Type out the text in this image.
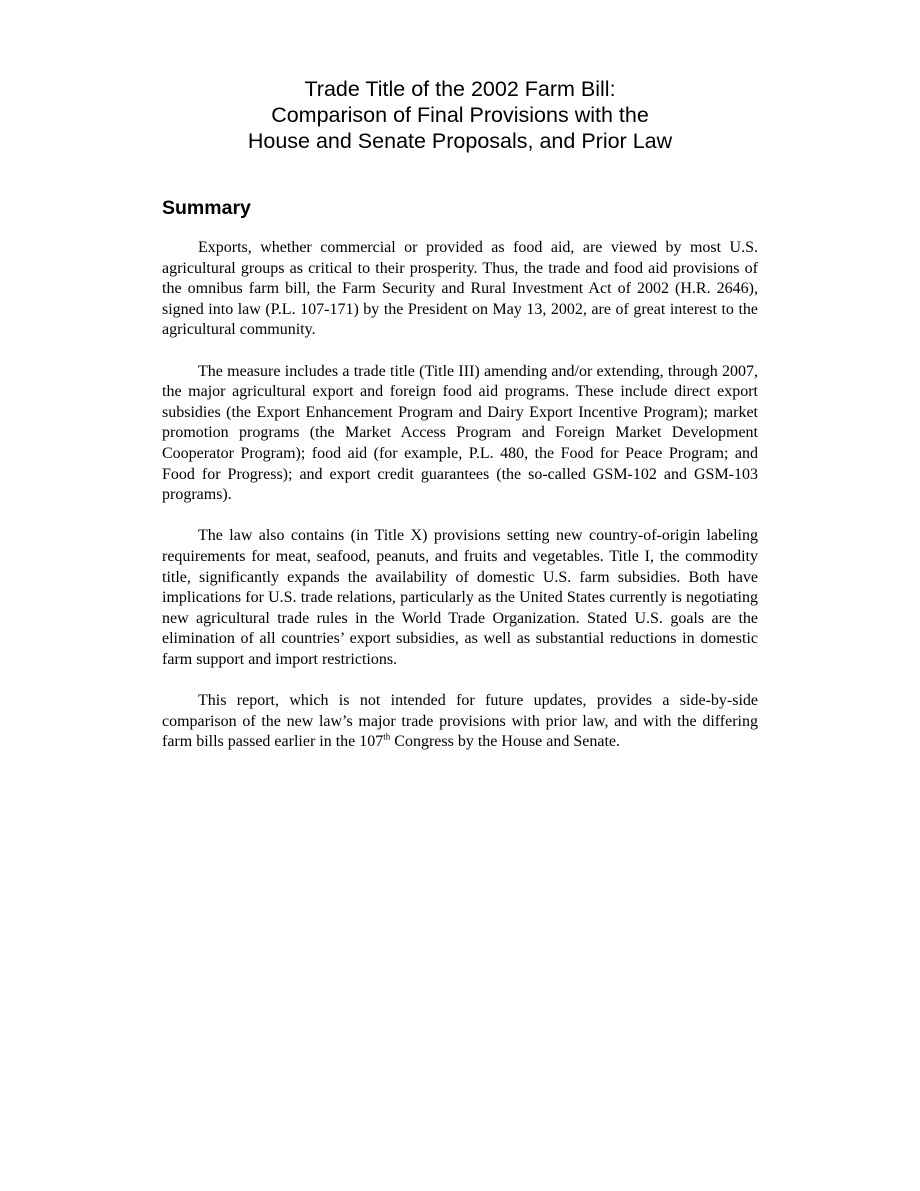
Trade Title of the 2002 Farm Bill:
Comparison of Final Provisions with the
House and Senate Proposals, and Prior Law
Summary

Exports, whether commercial or provided as food aid, are viewed by most U.S. agricultural groups as critical to their prosperity. Thus, the trade and food aid provisions of the omnibus farm bill, the Farm Security and Rural Investment Act of 2002 (H.R. 2646), signed into law (P.L. 107-171) by the President on May 13, 2002, are of great interest to the agricultural community.

The measure includes a trade title (Title III) amending and/or extending, through 2007, the major agricultural export and foreign food aid programs. These include direct export subsidies (the Export Enhancement Program and Dairy Export Incentive Program); market promotion programs (the Market Access Program and Foreign Market Development Cooperator Program); food aid (for example, P.L. 480, the Food for Peace Program; and Food for Progress); and export credit guarantees (the so-called GSM-102 and GSM-103 programs).

The law also contains (in Title X) provisions setting new country-of-origin labeling requirements for meat, seafood, peanuts, and fruits and vegetables. Title I, the commodity title, significantly expands the availability of domestic U.S. farm subsidies. Both have implications for U.S. trade relations, particularly as the United States currently is negotiating new agricultural trade rules in the World Trade Organization. Stated U.S. goals are the elimination of all countries’ export subsidies, as well as substantial reductions in domestic farm support and import restrictions.

This report, which is not intended for future updates, provides a side-by-side comparison of the new law’s major trade provisions with prior law, and with the differing farm bills passed earlier in the 107th Congress by the House and Senate.
